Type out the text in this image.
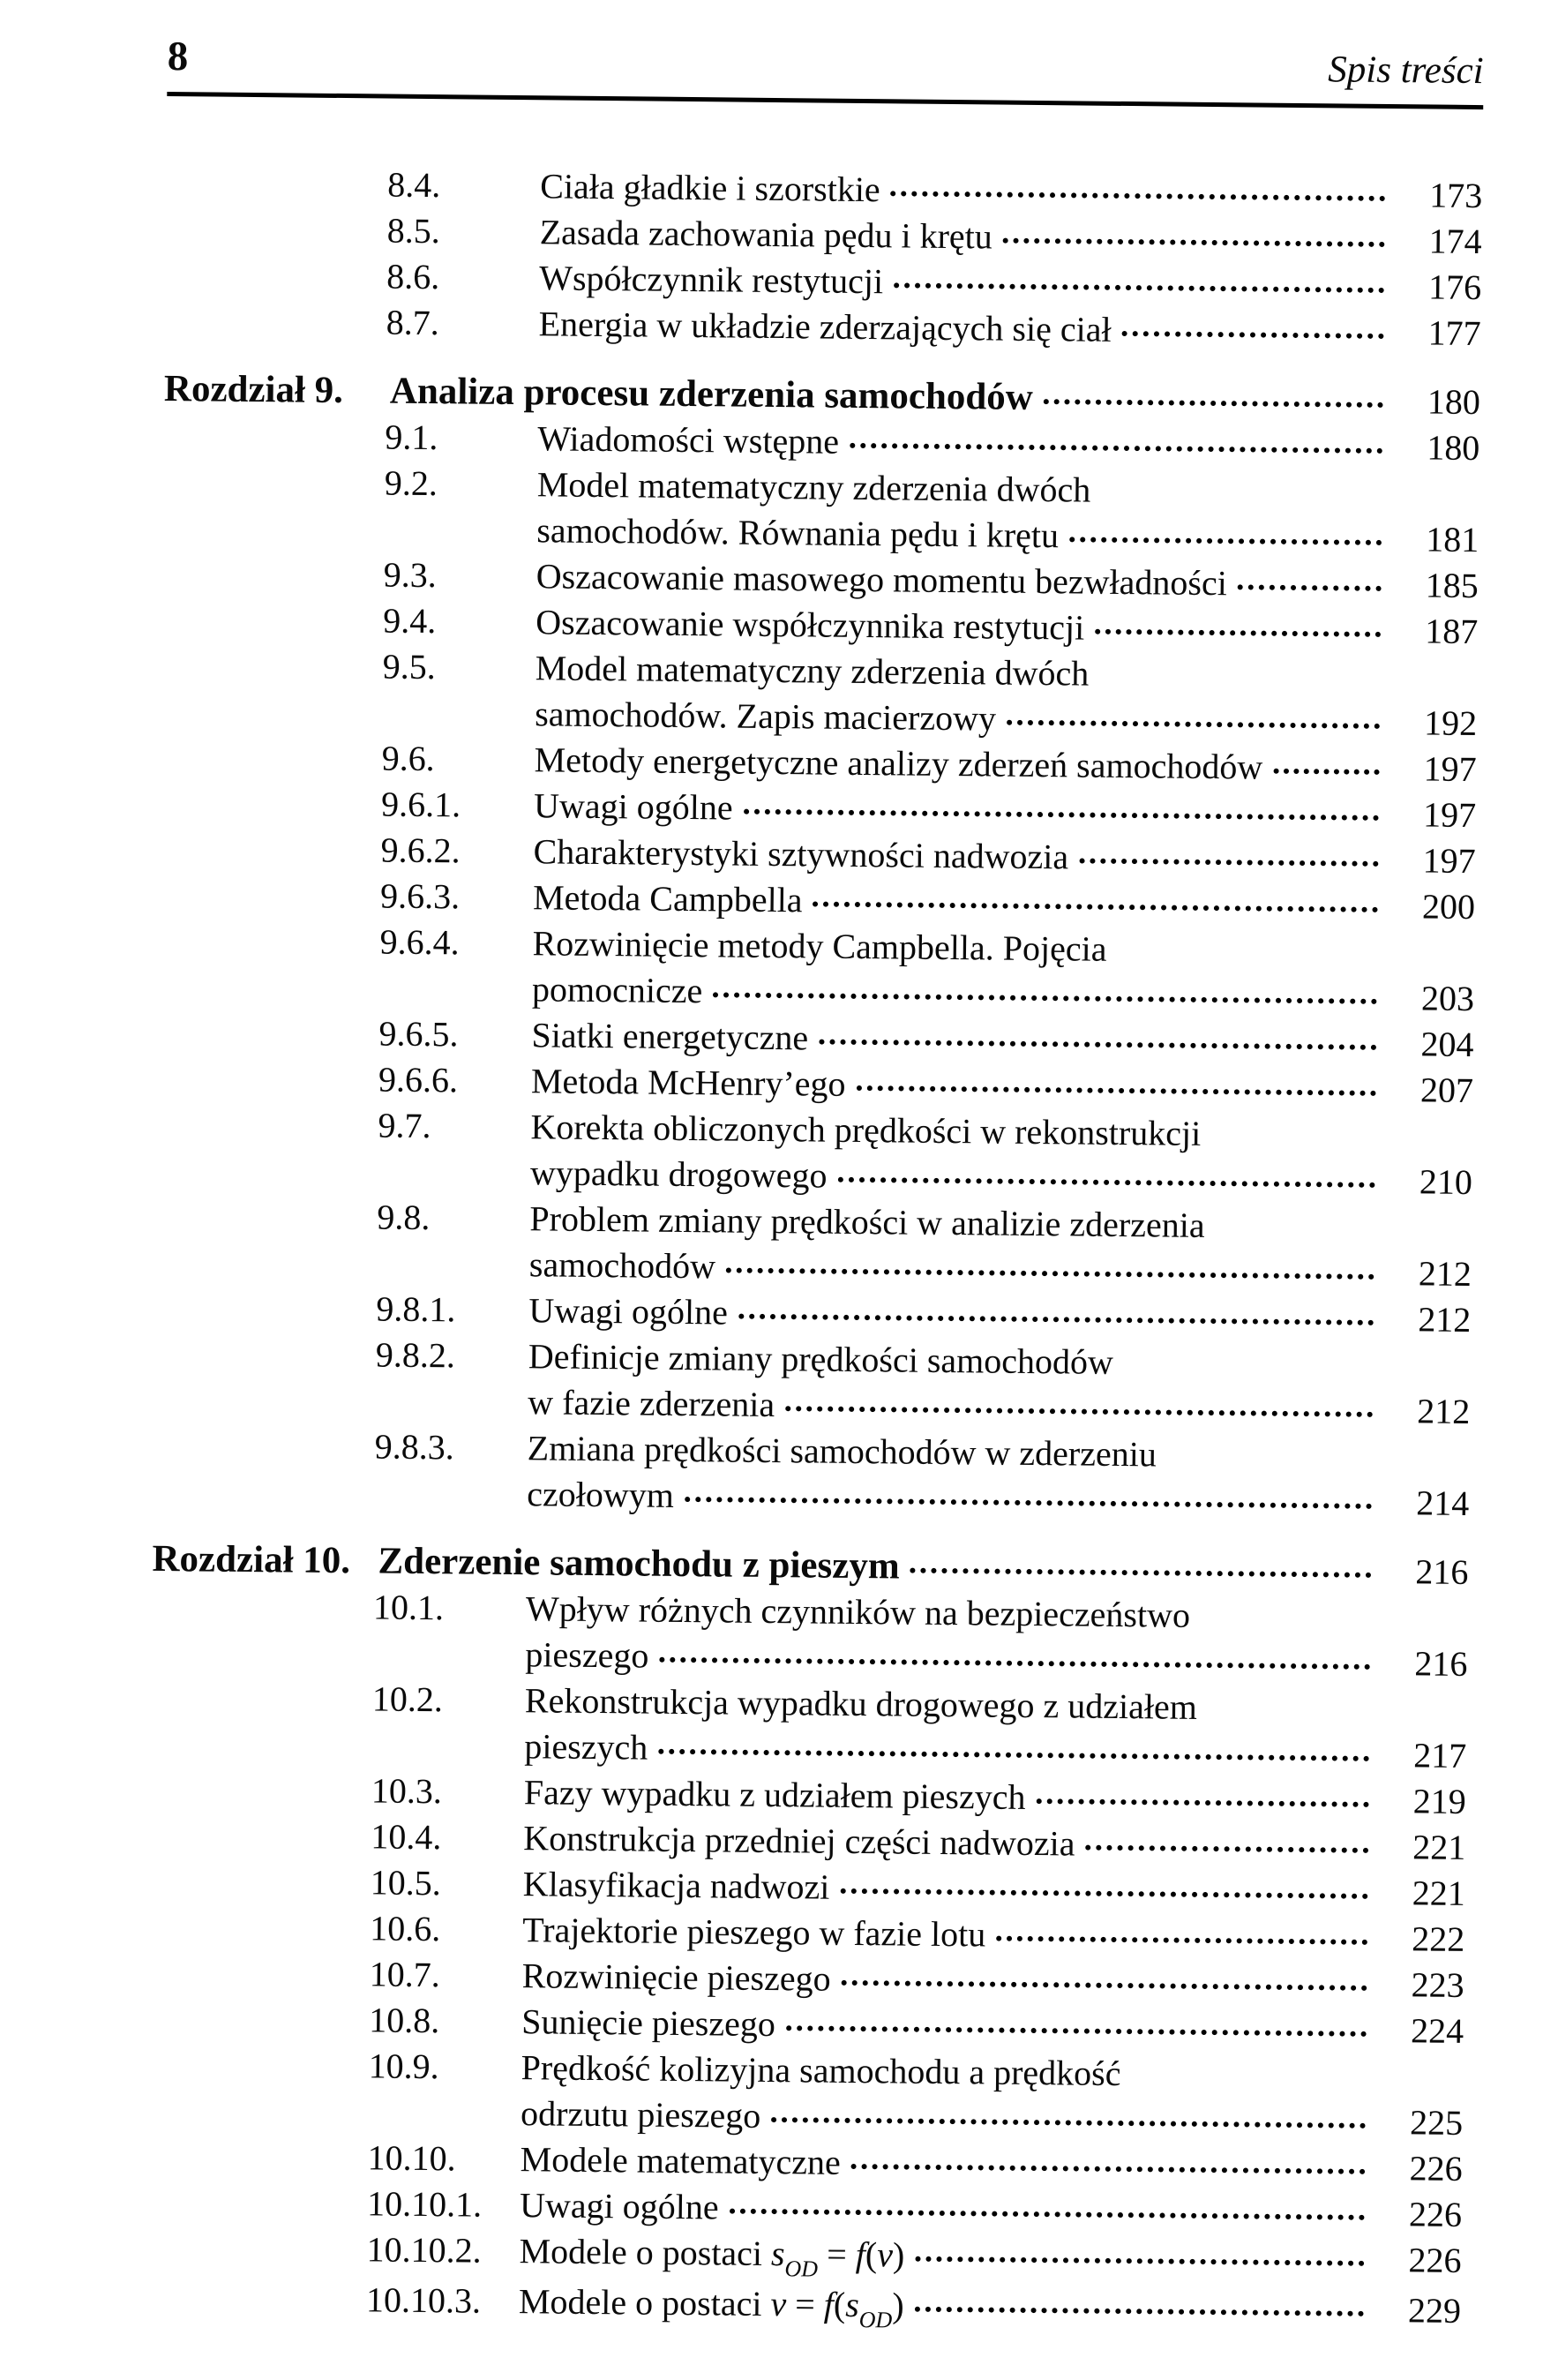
8	Spis treści
8.4.	Ciała gładkie i szorstkie	173
8.5.	Zasada zachowania pędu i krętu	174
8.6.	Współczynnik restytucji	176
8.7.	Energia w układzie zderzających się ciał	177
Rozdział 9.	Analiza procesu zderzenia samochodów	180
9.1.	Wiadomości wstępne	180
9.2.	Model matematyczny zderzenia dwóch
samochodów. Równania pędu i krętu	181
9.3.	Oszacowanie masowego momentu bezwładności	185
9.4.	Oszacowanie współczynnika restytucji	187
9.5.	Model matematyczny zderzenia dwóch
samochodów. Zapis macierzowy	192
9.6.	Metody energetyczne analizy zderzeń samochodów	197
9.6.1.	Uwagi ogólne	197
9.6.2.	Charakterystyki sztywności nadwozia	197
9.6.3.	Metoda Campbella	200
9.6.4.	Rozwinięcie metody Campbella. Pojęcia
pomocnicze	203
9.6.5.	Siatki energetyczne	204
9.6.6.	Metoda McHenry’ego	207
9.7.	Korekta obliczonych prędkości w rekonstrukcji
wypadku drogowego	210
9.8.	Problem zmiany prędkości w analizie zderzenia
samochodów	212
9.8.1.	Uwagi ogólne	212
9.8.2.	Definicje zmiany prędkości samochodów
w fazie zderzenia	212
9.8.3.	Zmiana prędkości samochodów w zderzeniu
czołowym	214
Rozdział 10. Zderzenie samochodu z pieszym	216
10.1.	Wpływ różnych czynników na bezpieczeństwo
pieszego	216
10.2.	Rekonstrukcja wypadku drogowego z udziałem
pieszych	217
10.3.	Fazy wypadku z udziałem pieszych	219
10.4.	Konstrukcja przedniej części nadwozia	221
10.5.	Klasyfikacja nadwozi	221
10.6.	Trajektorie pieszego w fazie lotu	222
10.7.	Rozwinięcie pieszego	223
10.8.	Sunięcie pieszego	224
10.9.	Prędkość kolizyjna samochodu a prędkość
odrzutu pieszego	225
10.10.	Modele matematyczne	226
10.10.1.	Uwagi ogólne	226
10.10.2.	Modele o postaci $s_{OD} = f(v)$	226
10.10.3.	Modele o postaci $v = f(s_{OD})$	229
